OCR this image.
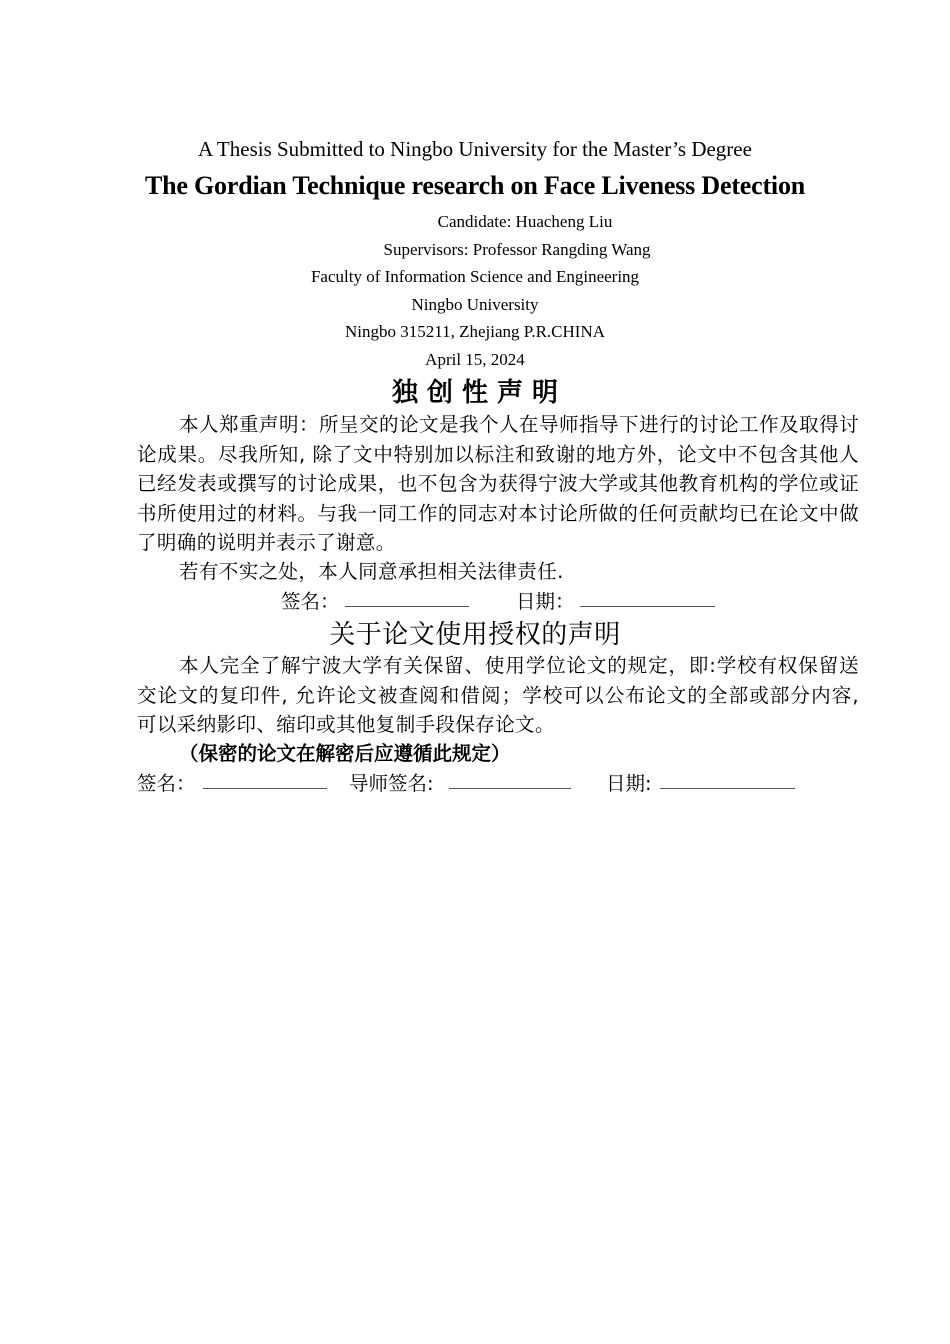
A Thesis Submitted to Ningbo University for the Master’s Degree
The Gordian Technique research on Face Liveness Detection
Candidate: Huacheng Liu
Supervisors: Professor Rangding Wang
Faculty of Information Science and Engineering
Ningbo University
Ningbo 315211, Zhejiang P.R.CHINA
April 15, 2024
独创性声明
本人郑重声明：所呈交的论文是我个人在导师指导下进行的讨论工作及取得讨论成果。尽我所知, 除了文中特别加以标注和致谢的地方外，论文中不包含其他人已经发表或撰写的讨论成果，也不包含为获得宁波大学或其他教育机构的学位或证书所使用过的材料。与我一同工作的同志对本讨论所做的任何贡献均已在论文中做了明确的说明并表示了谢意。
若有不实之处，本人同意承担相关法律责任.
签名：	日期：
关于论文使用授权的声明
本人完全了解宁波大学有关保留、使用学位论文的规定，即:学校有权保留送交论文的复印件, 允许论文被查阅和借阅；学校可以公布论文的全部或部分内容, 可以采纳影印、缩印或其他复制手段保存论文。
（保密的论文在解密后应遵循此规定）
签名：	导师签名:	日期:
